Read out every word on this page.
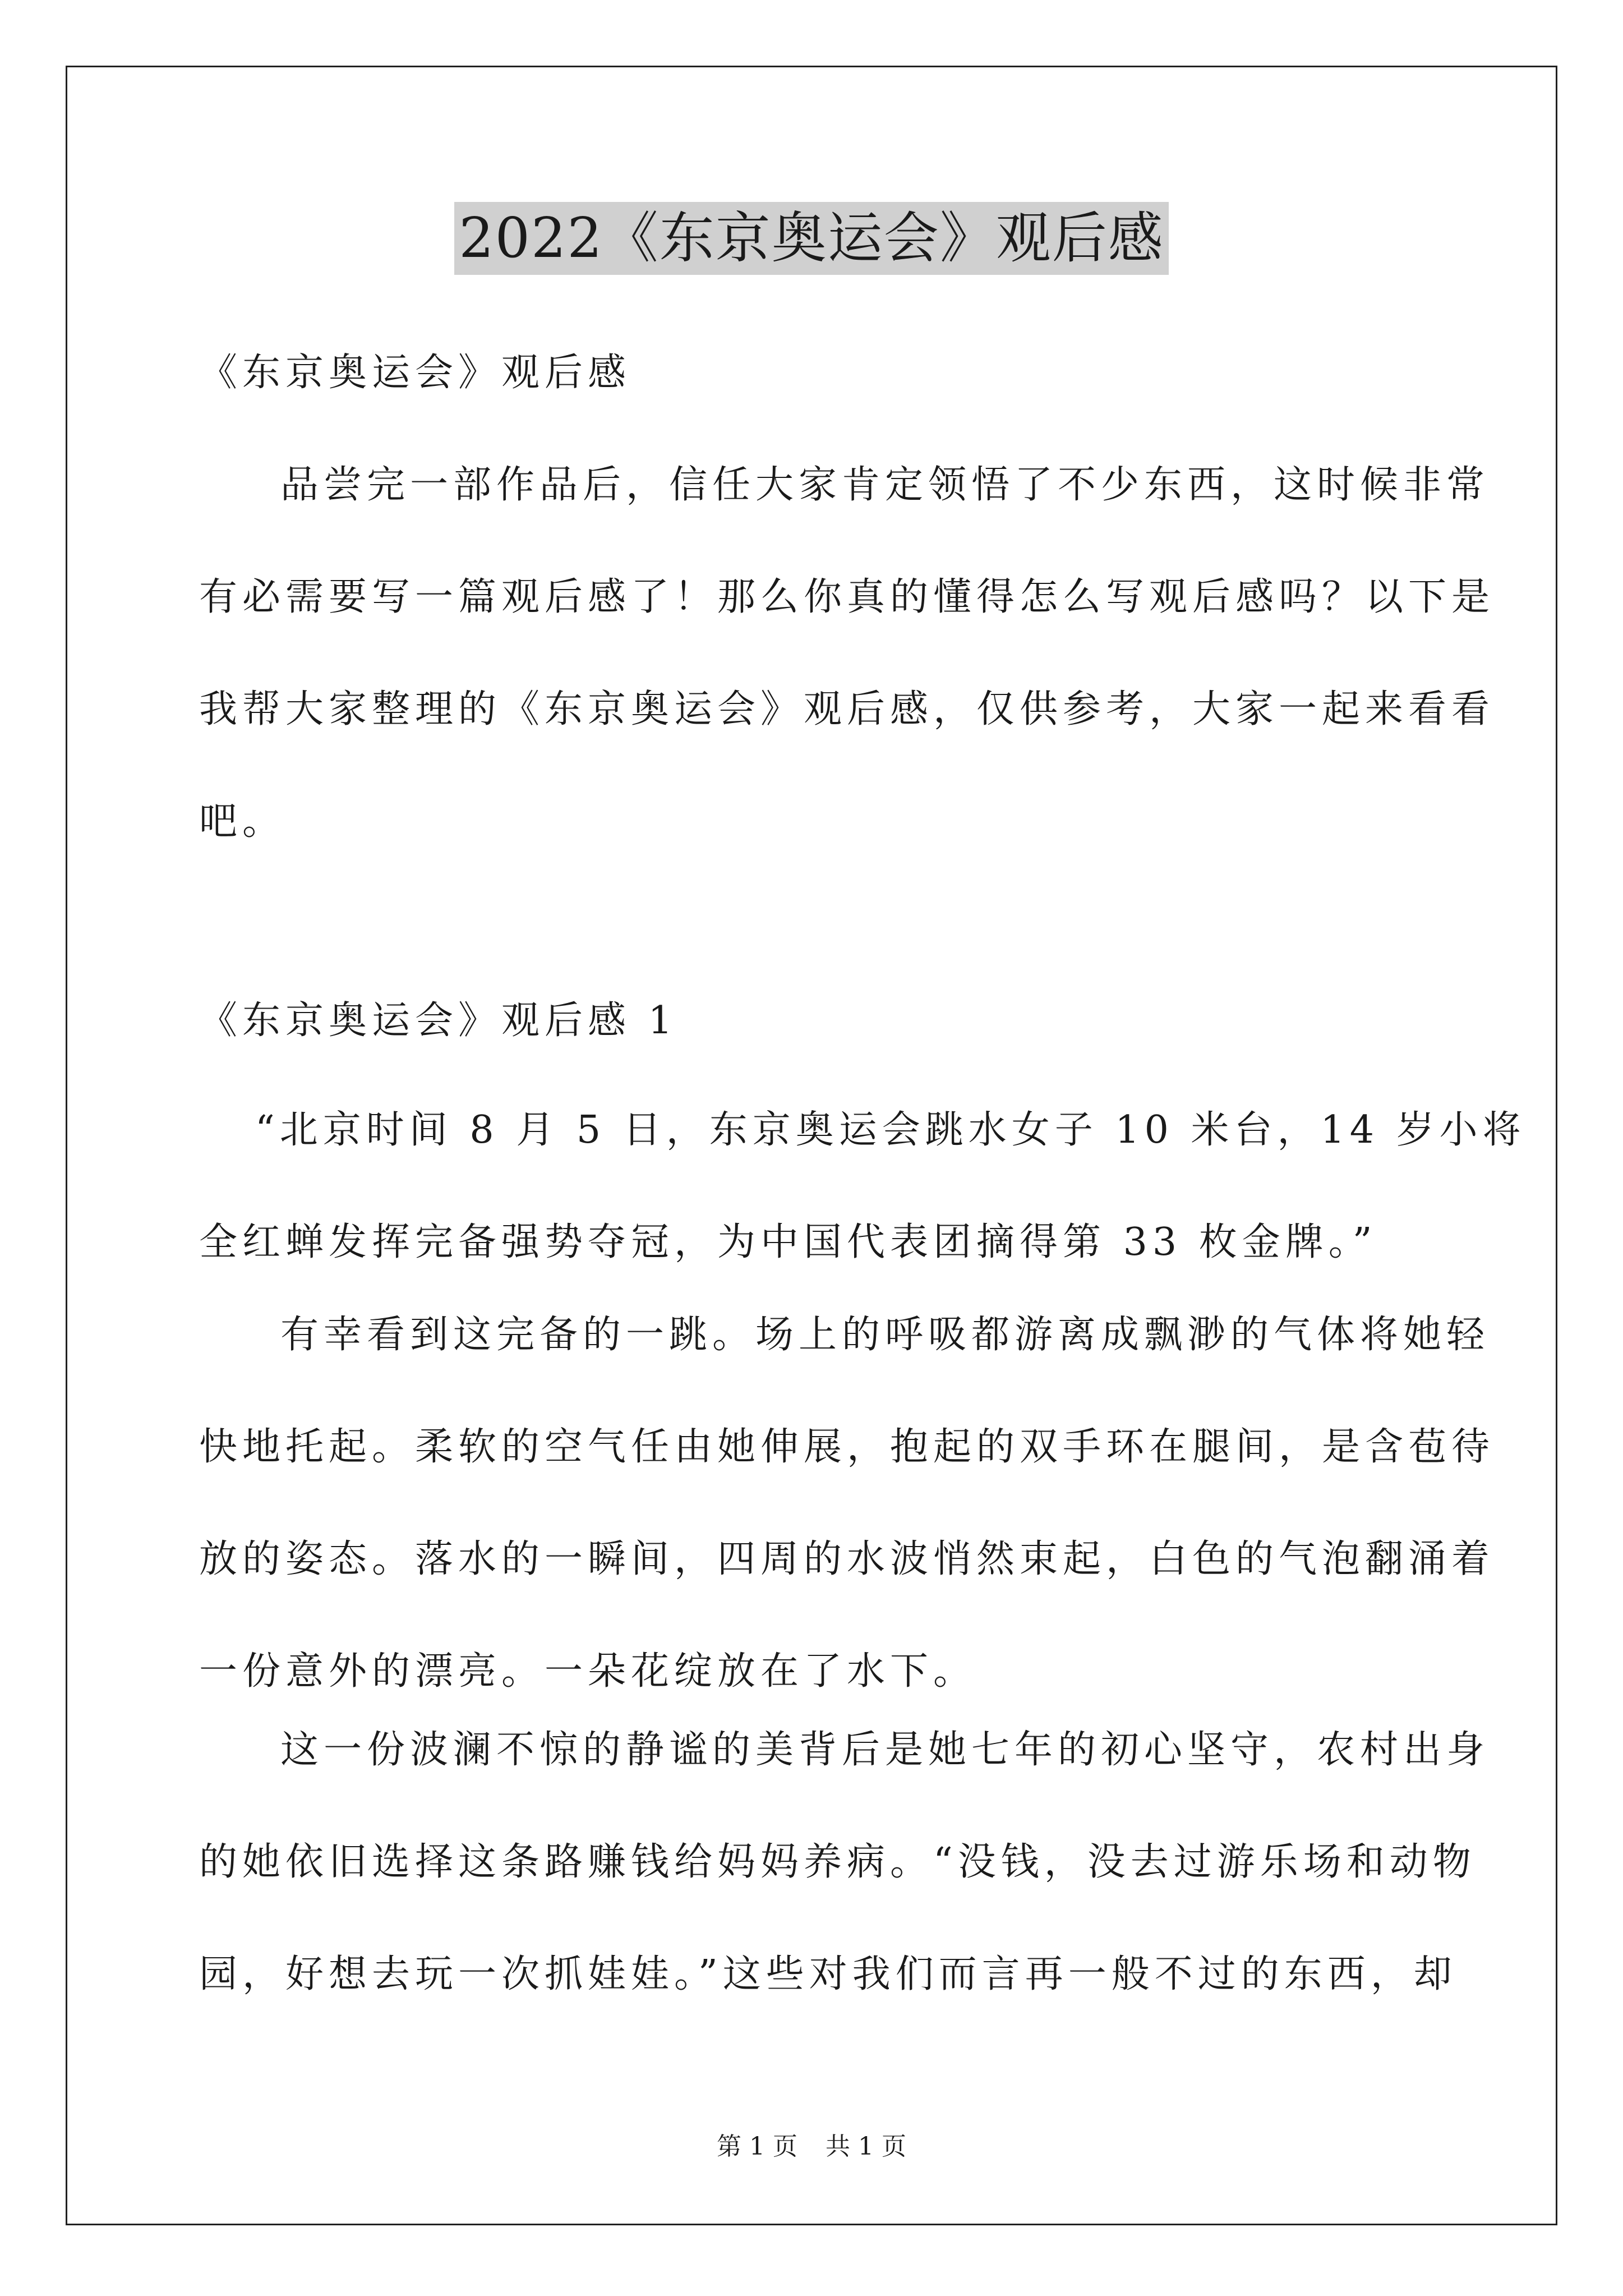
2022《东京奥运会》观后感
《东京奥运会》观后感
品尝完一部作品后，信任大家肯定领悟了不少东西，这时候非常
有必需要写一篇观后感了！那么你真的懂得怎么写观后感吗？以下是
我帮大家整理的《东京奥运会》观后感，仅供参考，大家一起来看看
吧。
《东京奥运会》观后感 1
“北京时间 8 月 5 日，东京奥运会跳水女子 10 米台，14 岁小将
全红蝉发挥完备强势夺冠，为中国代表团摘得第 33 枚金牌。”
有幸看到这完备的一跳。场上的呼吸都游离成飘渺的气体将她轻
快地托起。柔软的空气任由她伸展，抱起的双手环在腿间，是含苞待
放的姿态。落水的一瞬间，四周的水波悄然束起，白色的气泡翻涌着
一份意外的漂亮。一朵花绽放在了水下。
这一份波澜不惊的静谧的美背后是她七年的初心坚守，农村出身
的她依旧选择这条路赚钱给妈妈养病。“没钱，没去过游乐场和动物
园，好想去玩一次抓娃娃。”这些对我们而言再一般不过的东西，却
第 1 页 共 1 页
